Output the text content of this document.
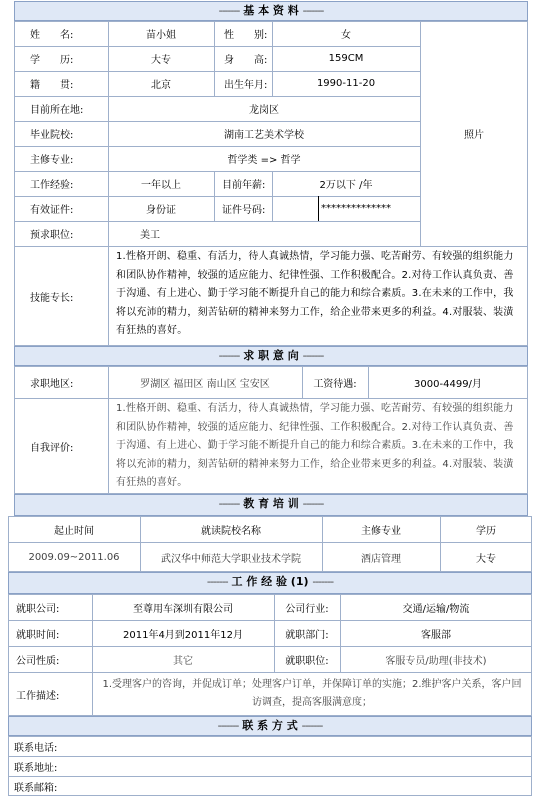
------- 基 本 资 料 -------
姓　　名:	苗小姐	性　　别:	女
学　　历:	大专	身　　高:	159CM
籍　　贯:	北京	出生年月:	1990-11-20
目前所在地:	龙岗区
照片
毕业院校:	湖南工艺美术学校
主修专业:	哲学类 => 哲学
工作经验:	一年以上	目前年薪:	2万以下 /年
有效证件:	身份证	证件号码:	**************
预求职位:	美工
技能专长:
1.性格开朗、稳重、有活力，待人真诚热情，学习能力强、吃苦耐劳、有较强的组织能力和团队协作精神，较强的适应能力、纪律性强、工作积极配合。2.对待工作认真负责、善于沟通、有上进心、勤于学习能不断提升自己的能力和综合素质。3.在未来的工作中，我将以充沛的精力，刻苦钻研的精神来努力工作，给企业带来更多的利益。4.对服装、装潢有狂热的喜好。
------- 求 职 意 向 -------
求职地区:	罗湖区 福田区 南山区 宝安区	工资待遇:	3000-4499/月
自我评价:
1.性格开朗、稳重、有活力，待人真诚热情，学习能力强、吃苦耐劳、有较强的组织能力和团队协作精神，较强的适应能力、纪律性强、工作积极配合。2.对待工作认真负责、善于沟通、有上进心、勤于学习能不断提升自己的能力和综合素质。3.在未来的工作中，我将以充沛的精力，刻苦钻研的精神来努力工作，给企业带来更多的利益。4.对服装、装潢有狂热的喜好。
------- 教 育 培 训 -------
起止时间	就读院校名称	主修专业	学历
2009.09~2011.06	武汉华中师范大学职业技术学院	酒店管理	大专
------- 工 作 经 验 (1) -------
就职公司:	至尊用车深圳有限公司	公司行业:	交通/运输/物流
就职时间:	2011年4月到2011年12月	就职部门:	客服部
公司性质:	其它	就职职位:	客服专员/助理(非技术)
工作描述:
1.受理客户的咨询，并促成订单；处理客户订单，并保障订单的实施；2.维护客户关系，客户回访调查，提高客服满意度；
------- 联 系 方 式 -------
联系电话:
联系地址:
联系邮箱:
